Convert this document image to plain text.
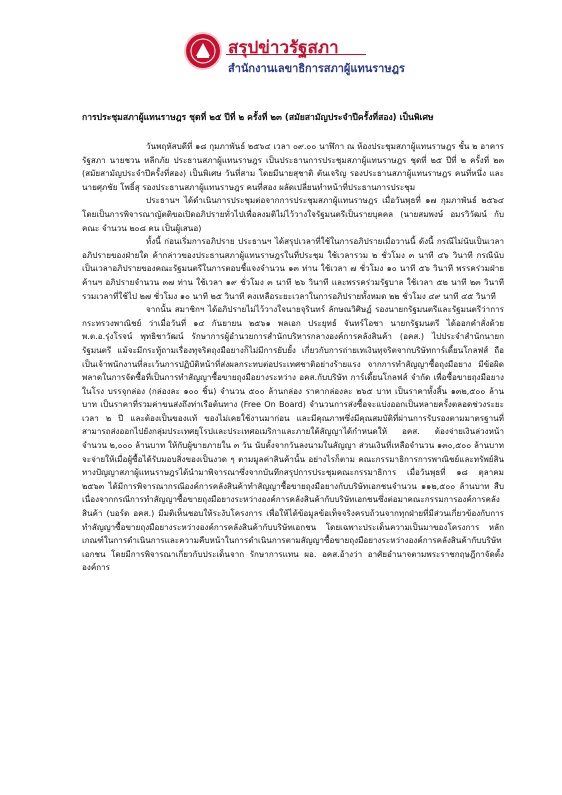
สรุปข่าวรัฐสภา
สำนักงานเลขาธิการสภาผู้แทนราษฎร
การประชุมสภาผู้แทนราษฎร ชุดที่ ๒๕ ปีที่ ๒ ครั้งที่ ๒๓ (สมัยสามัญประจำปีครั้งที่สอง) เป็นพิเศษ

วันพฤหัสบดีที่ ๑๘ กุมภาพันธ์ ๒๕๖๔ เวลา ๐๙.๐๐ นาฬิกา ณ ห้องประชุมสภาผู้แทนราษฎร ชั้น ๒ อาคารรัฐสภา นายชวน หลีกภัย ประธานสภาผู้แทนราษฎร เป็นประธานการประชุมสภาผู้แทนราษฎร ชุดที่ ๒๕ ปีที่ ๒ ครั้งที่ ๒๓ (สมัยสามัญประจำปีครั้งที่สอง) เป็นพิเศษ วันที่สาม โดยมีนายสุชาติ ตันเจริญ รองประธานสภาผู้แทนราษฎร คนที่หนึ่ง และนายศุภชัย โพธิ์สุ รองประธานสภาผู้แทนราษฎร คนที่สอง ผลัดเปลี่ยนทำหน้าที่ประธานการประชุม

ประธานฯ ได้ดำเนินการประชุมต่อจากการประชุมสภาผู้แทนราษฎร เมื่อวันพุธที่ ๑๗ กุมภาพันธ์ ๒๕๖๔ โดยเป็นการพิจารณาญัตติขอเปิดอภิปรายทั่วไปเพื่อลงมติไม่ไว้วางใจรัฐมนตรีเป็นรายบุคคล (นายสมพงษ์ อมรวิวัฒน์ กับคณะ จำนวน ๒๐๘ คน เป็นผู้เสนอ)

ทั้งนี้ ก่อนเริ่มการอภิปราย ประธานฯ ได้สรุปเวลาที่ใช้ในการอภิปรายเมื่อวานนี้ ดังนี้ กรณีไม่นับเป็นเวลาอภิปรายของฝ่ายใด ค้ากล่าวของประธานสภาผู้แทนราษฎรในที่ประชุม ใช้เวลารวม ๒ ชั่วโมง ๓ นาที ๔๖ วินาที กรณีนับเป็นเวลาอภิปรายของคณะรัฐมนตรีในการตอบชี้แจงจำนวน ๑๓ ท่าน ใช้เวลา ๗ ชั่วโมง ๑๐ นาที ๕๖ วินาที พรรคร่วมฝ่ายค้านฯ อภิปรายจำนวน ๓๗ ท่าน ใช้เวลา ๑๙ ชั่วโมง ๓ นาที ๒๖ วินาที และพรรคร่วมรัฐบาล ใช้เวลา ๕๒ นาที ๒๓ วินาที รวมเวลาที่ใช้ไป ๒๗ ชั่วโมง ๑๐ นาที ๒๕ วินาที คงเหลือระยะเวลาในการอภิปรายทั้งหมด ๒๒ ชั่วโมง ๔๙ นาที ๔๕ วินาที

จากนั้น สมาชิกฯ ได้อภิปรายไม่ไว้วางใจนายจุรินทร์ ลักษณวิศิษฏ์ รองนายกรัฐมนตรีและรัฐมนตรีว่าการกระทรวงพาณิชย์ ว่าเมื่อวันที่ ๑๔ กันยายน ๒๕๖๑ พลเอก ประยุทธ์ จันทร์โอชา นายกรัฐมนตรี ได้ออกคำสั่งด้วย พ.ต.อ.รุ่งโรจน์ พุทธิชาวัฒน์ รักษาการผู้อำนวยการสำนักบริหารกลางองค์การคลังสินค้า (อคส.) ไปประจำสำนักนายกรัฐมนตรี แม้จะมีกระทู้ถามเรื่องทุจริตถุงมือยางก็ไม่มีการยับยั้ง เกี่ยวกับการถ่ายเทเงินทุจริตจากบริษัทการ์เดี้ยนโกลฟส์ ถือเป็นเจ้าพนักงานที่ละเว้นการปฏิบัติหน้าที่ส่งผลกระทบต่อประเทศชาติอย่างร้ายแรง จากการทำสัญญาซื้อถุงมือยาง มีข้อผิดพลาดในการจัดซื้อที่เป็นการทำสัญญาซื้อขายถุงมือยางระหว่าง อคส.กับบริษัท การ์เดี้ยนโกลฟส์ จำกัด เพื่อซื้อขายถุงมือยางในโรง บรรจุกล่อง (กล่องละ ๑๐๐ ชิ้น) จำนวน ๕๐๐ ล้านกล่อง ราคากล่องละ ๒๖๕ บาท เป็นราคาทั้งสิ้น ๑๓๒,๕๐๐ ล้านบาท เป็นราคาที่รวมค่าขนส่งถึงท่าเรือต้นทาง (Free On Board) จำนวนการส่งซื้อจะแบ่งออกเป็นหลายครั้งตลอดช่วงระยะเวลา ๒ ปี และต้องเป็นของแท้ ของไม่เคยใช้งานมาก่อน และมีคุณภาพซึ่งมีคุณสมบัติที่ผ่านการรับรองตามมาตรฐานที่สามารถส่งออกไปยังกลุ่มประเทศยุโรปและประเทศอเมริกาและภายใต้สัญญาได้กำหนดให้ อคส. ต้องจ่ายเงินล่วงหน้า จำนวน ๒,๐๐๐ ล้านบาท ให้กับผู้ขายภายใน ๓ วัน นับตั้งจากวันลงนามในสัญญา ส่วนเงินที่เหลือจำนวน ๑๓๐,๕๐๐ ล้านบาท จะจ่ายให้เมื่อผู้ซื้อได้รับมอบสิ่งของเป็นงวด ๆ ตามมูลค่าสินค้านั้น อย่างไรก็ตาม คณะกรรมาธิการการพาณิชย์และทรัพย์สินทางปัญญาสภาผู้แทนราษฎรได้นำมาพิจารณาซึ่งจากบันทึกสรุปการประชุมคณะกรรมาธิการ เมื่อวันพุธที่ ๑๘ ตุลาคม ๒๕๖๓ ได้มีการพิจารณากรณีองค์การคลังสินค้าทำสัญญาซื้อขายถุงมือยางกับบริษัทเอกชนจำนวน ๑๑๒,๕๐๐ ล้านบาท สืบเนื่องจากกรณีการทำสัญญาซื้อขายถุงมือยางระหว่างองค์การคลังสินค้ากับบริษัทเอกชนซึ่งต่อมาคณะกรรมการองค์การคลังสินค้า (บอร์ด อคส.) มีมติเห็นชอบให้ระงับโครงการ เพื่อให้ได้ข้อมูลข้อเท็จจริงครบถ้วนจากทุกฝ่ายที่มีส่วนเกี่ยวข้องกับการทำสัญญาซื้อขายถุงมือยางระหว่างองค์การคลังสินค้ากับบริษัทเอกชน โดยเฉพาะประเด็นความเป็นมาของโครงการ หลักเกณฑ์ในการดำเนินการและความคืบหน้าในการดำเนินการตามสัญญาซื้อขายถุงมือยางระหว่างองค์การคลังสินค้ากับบริษัทเอกชน โดยมีการพิจารณาเกี่ยวกับประเด็นจาก รักษาการแทน ผอ. อคส.อ้างว่า อาศัยอำนาจตามพระราชกฤษฎีกาจัดตั้งองค์การ
